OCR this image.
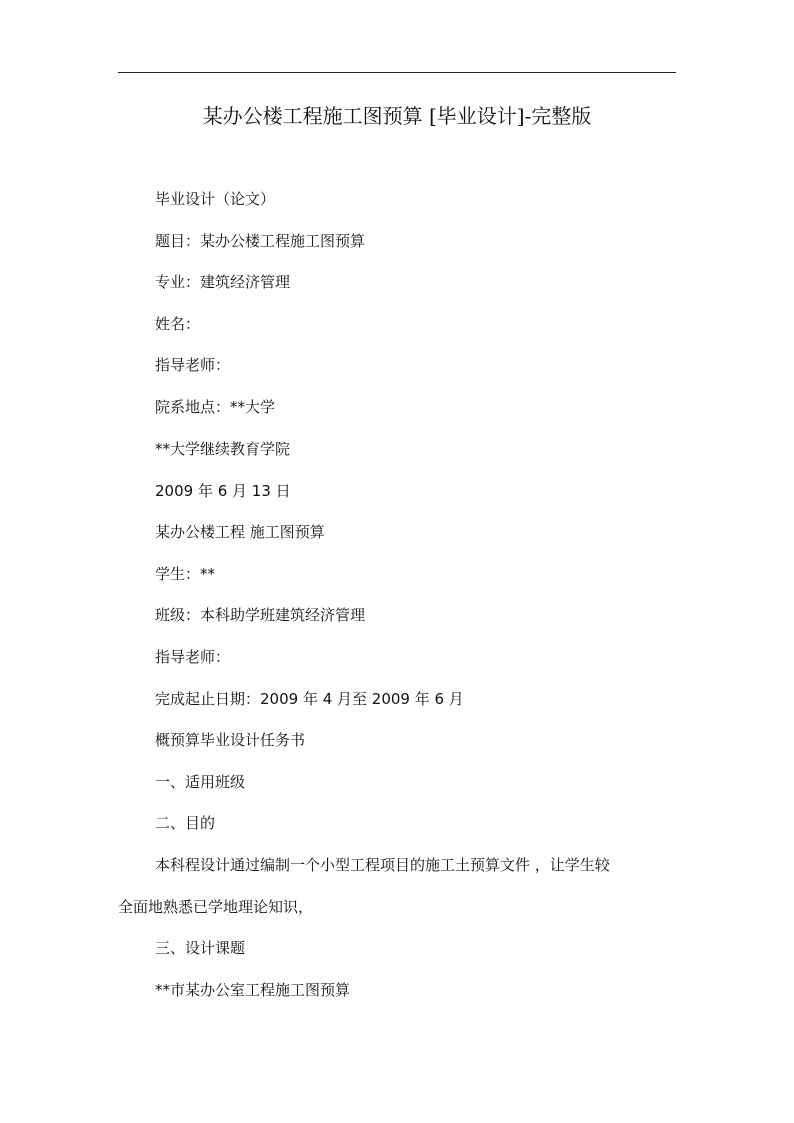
某办公楼工程施工图预算 [毕业设计]-完整版
毕业设计（论文）
题目：某办公楼工程施工图预算
专业：建筑经济管理
姓名：
指导老师：
院系地点：**大学
**大学继续教育学院
2009 年 6 月 13 日
某办公楼工程 施工图预算
学生：**
班级：本科助学班建筑经济管理
指导老师：
完成起止日期：2009 年 4 月至 2009 年 6 月
概预算毕业设计任务书
一、适用班级
二、目的
本科程设计通过编制一个小型工程项目的施工土预算文件 ，让学生较
全面地熟悉已学地理论知识，
三、设计课题
**市某办公室工程施工图预算
